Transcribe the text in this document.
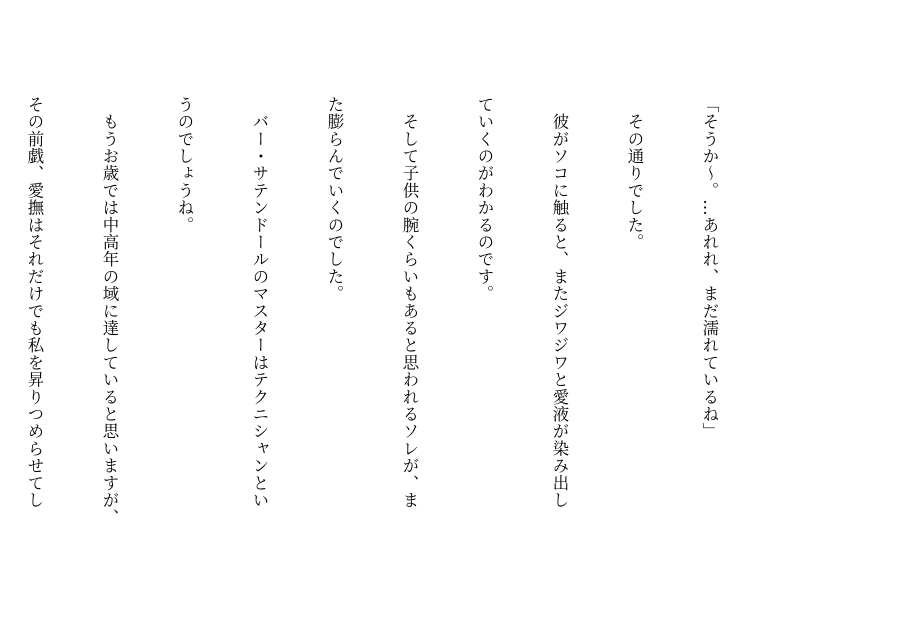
「そうか～。…あれれ、まだ濡れているね」

　その通りでした。

　彼がソコに触ると、またジワジワと愛液が染み出し

ていくのがわかるのです。

　そして子供の腕くらいもあると思われるソレが、ま

た膨らんでいくのでした。

　バー・サテンドールのマスターはテクニシャンとい

うのでしょうね。

　もうお歳では中高年の域に達していると思いますが、

その前戯、愛撫はそれだけでも私を昇りつめらせてし
